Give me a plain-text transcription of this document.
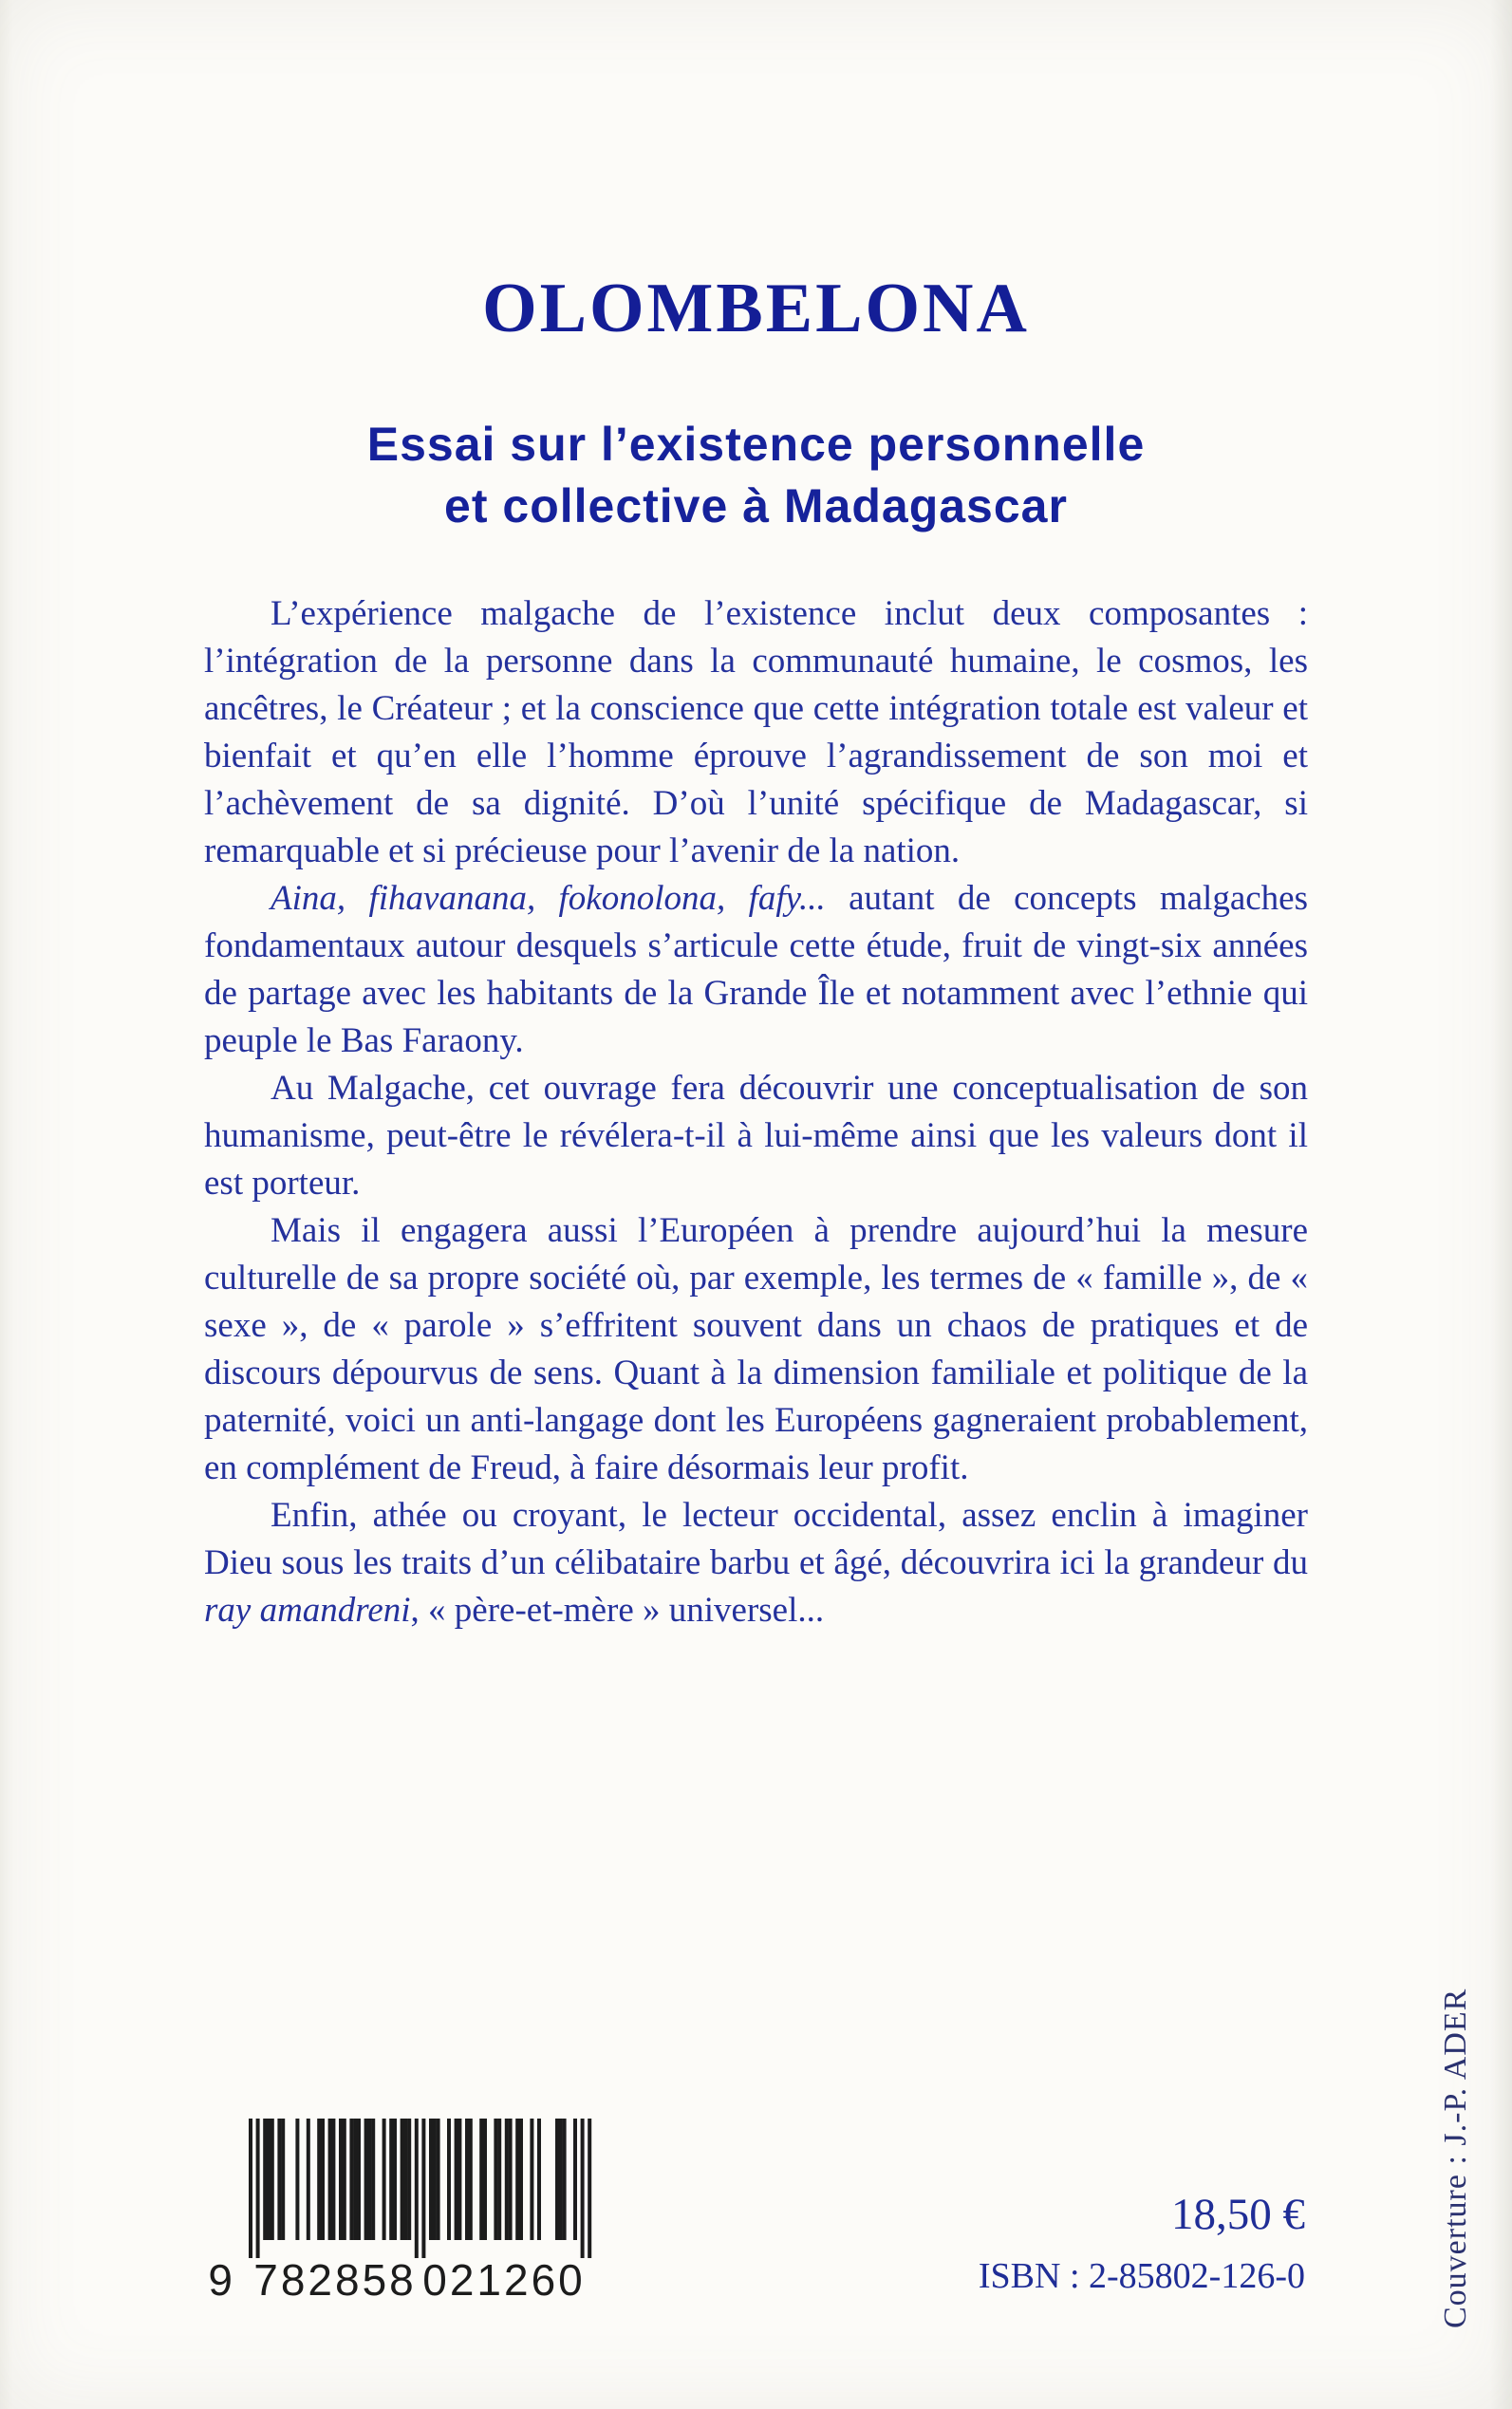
OLOMBELONA
Essai sur l’existence personnelle
et collective à Madagascar

L’expérience malgache de l’existence inclut deux composantes : l’intégration de la personne dans la communauté humaine, le cosmos, les ancêtres, le Créateur ; et la conscience que cette intégration totale est valeur et bienfait et qu’en elle l’homme éprouve l’agrandissement de son moi et l’achèvement de sa dignité. D’où l’unité spécifique de Madagascar, si remarquable et si précieuse pour l’avenir de la nation.

Aina, fihavanana, fokonolona, fafy... autant de concepts malgaches fondamentaux autour desquels s’articule cette étude, fruit de vingt-six années de partage avec les habitants de la Grande Île et notamment avec l’ethnie qui peuple le Bas Faraony.

Au Malgache, cet ouvrage fera découvrir une conceptualisation de son humanisme, peut-être le révélera-t-il à lui-même ainsi que les valeurs dont il est porteur.

Mais il engagera aussi l’Européen à prendre aujourd’hui la mesure culturelle de sa propre société où, par exemple, les termes de « famille », de « sexe », de « parole » s’effritent souvent dans un chaos de pratiques et de discours dépourvus de sens. Quant à la dimension familiale et politique de la paternité, voici un anti-langage dont les Européens gagneraient probablement, en complément de Freud, à faire désormais leur profit.

Enfin, athée ou croyant, le lecteur occidental, assez enclin à imaginer Dieu sous les traits d’un célibataire barbu et âgé, découvrira ici la grandeur du ray amandreni, « père-et-mère » universel...

9 782858 021260
18,50 €
ISBN : 2-85802-126-0	Couverture : J.-P. ADER
